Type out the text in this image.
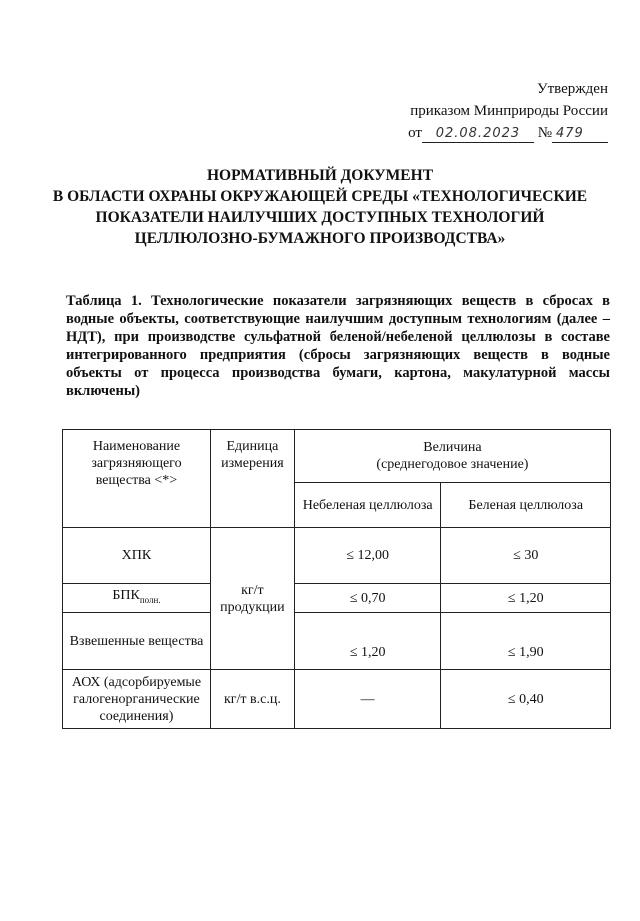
Утвержден
приказом Минприроды России
от 02.08.2023 № 479
НОРМАТИВНЫЙ ДОКУМЕНТ
В ОБЛАСТИ ОХРАНЫ ОКРУЖАЮЩЕЙ СРЕДЫ «ТЕХНОЛОГИЧЕСКИЕ
ПОКАЗАТЕЛИ НАИЛУЧШИХ ДОСТУПНЫХ ТЕХНОЛОГИЙ
ЦЕЛЛЮЛОЗНО-БУМАЖНОГО ПРОИЗВОДСТВА»
Таблица 1. Технологические показатели загрязняющих веществ в сбросах в водные объекты, соответствующие наилучшим доступным технологиям (далее – НДТ), при производстве сульфатной беленой/небеленой целлюлозы в составе интегрированного предприятия (сбросы загрязняющих веществ в водные объекты от процесса производства бумаги, картона, макулатурной массы включены)
Наименование загрязняющего вещества <*>	Единица измерения	Величина
(среднегодовое значение)	

		Небеленая целлюлоза	Беленая целлюлоза
ХПК	кг/т продукции	≤ 12,00	≤ 30
$БПК_{полн.}$		≤ 0,70	≤ 1,20
Взвешенные вещества		≤ 1,20	≤ 1,90
АОХ (адсорбируемые галогенорганические соединения)	кг/т в.с.ц.	—	≤ 0,40
